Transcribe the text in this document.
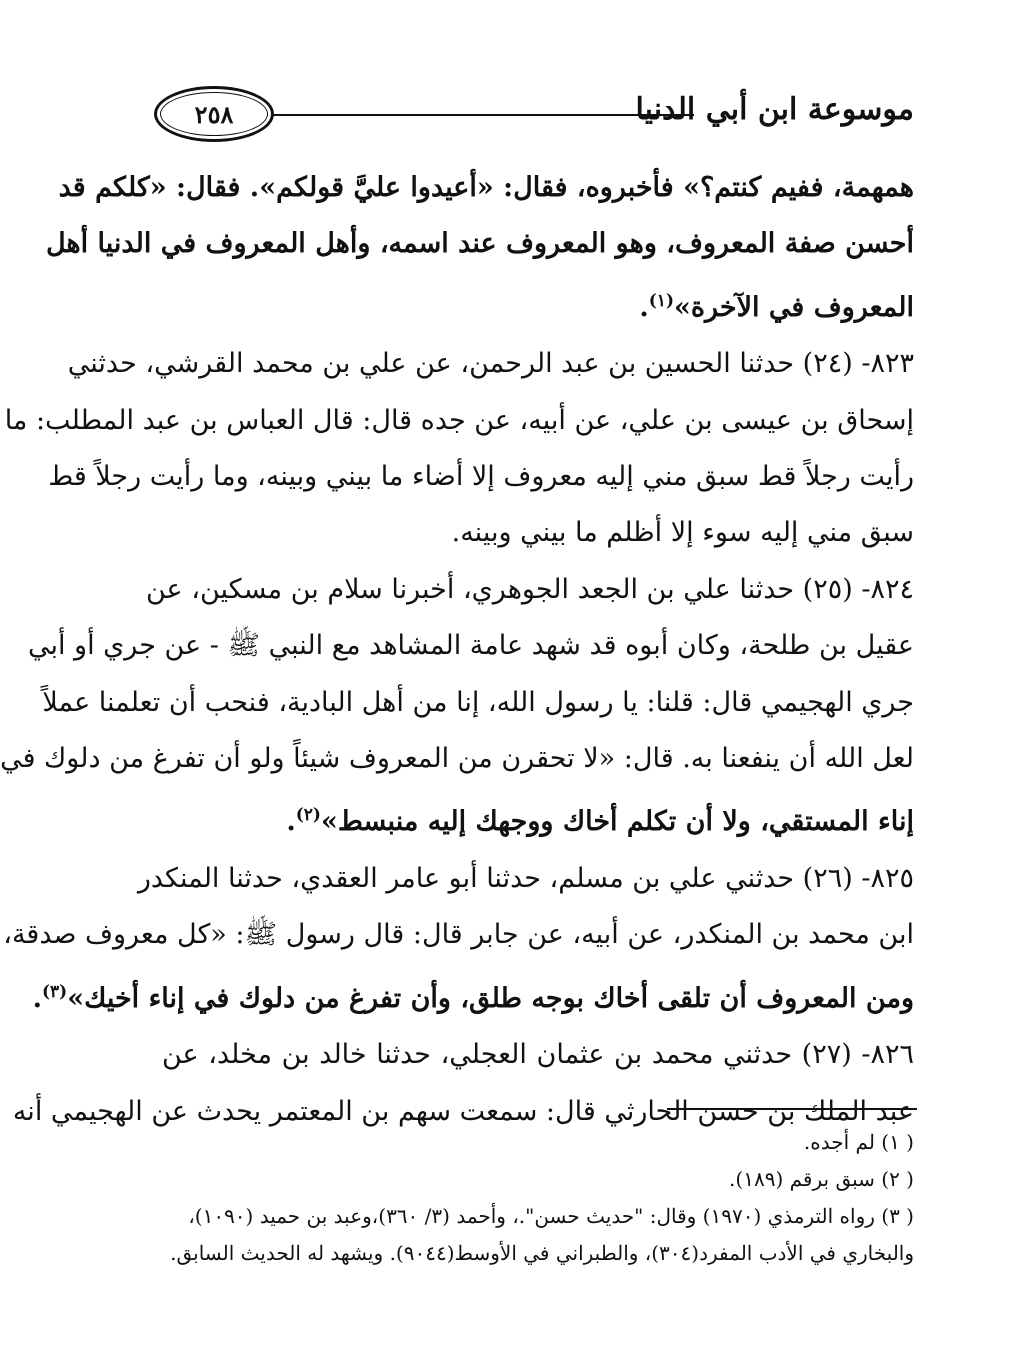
٢٥٨	موسوعة ابن أبي الدنيا
همهمة، ففيم كنتم؟» فأخبروه، فقال: «أعيدوا عليَّ قولكم». فقال: «كلكم قد
أحسن صفة المعروف، وهو المعروف عند اسمه، وأهل المعروف في الدنيا أهل
المعروف في الآخرة»$^{(١)}$.
٨٢٣- (٢٤) حدثنا الحسين بن عبد الرحمن، عن علي بن محمد القرشي، حدثني
إسحاق بن عيسى بن علي، عن أبيه، عن جده قال: قال العباس بن عبد المطلب: ما
رأيت رجلاً قط سبق مني إليه معروف إلا أضاء ما بيني وبينه، وما رأيت رجلاً قط
سبق مني إليه سوء إلا أظلم ما بيني وبينه.
٨٢٤- (٢٥) حدثنا علي بن الجعد الجوهري، أخبرنا سلام بن مسكين، عن
عقيل بن طلحة، وكان أبوه قد شهد عامة المشاهد مع النبي ﷺ - عن جري أو أبي
جري الهجيمي قال: قلنا: يا رسول الله، إنا من أهل البادية، فنحب أن تعلمنا عملاً
لعل الله أن ينفعنا به. قال: «لا تحقرن من المعروف شيئاً ولو أن تفرغ من دلوك في
إناء المستقي، ولا أن تكلم أخاك ووجهك إليه منبسط»$^{(٢)}$.
٨٢٥- (٢٦) حدثني علي بن مسلم، حدثنا أبو عامر العقدي، حدثنا المنكدر
ابن محمد بن المنكدر، عن أبيه، عن جابر قال: قال رسول ﷺ: «كل معروف صدقة،
ومن المعروف أن تلقى أخاك بوجه طلق، وأن تفرغ من دلوك في إناء أخيك»$^{(٣)}$.
٨٢٦- (٢٧) حدثني محمد بن عثمان العجلي، حدثنا خالد بن مخلد، عن
عبد الملك بن حسن الحارثي قال: سمعت سهم بن المعتمر يحدث عن الهجيمي أنه

( ١) لم أجده.

( ٢) سبق برقم (١٨٩).

( ٣) رواه الترمذي (١٩٧٠) وقال: "حديث حسن".، وأحمد (٣/ ٣٦٠)،وعبد بن حميد (١٠٩٠)،

والبخاري في الأدب المفرد(٣٠٤)، والطبراني في الأوسط(٩٠٤٤). ويشهد له الحديث السابق.
